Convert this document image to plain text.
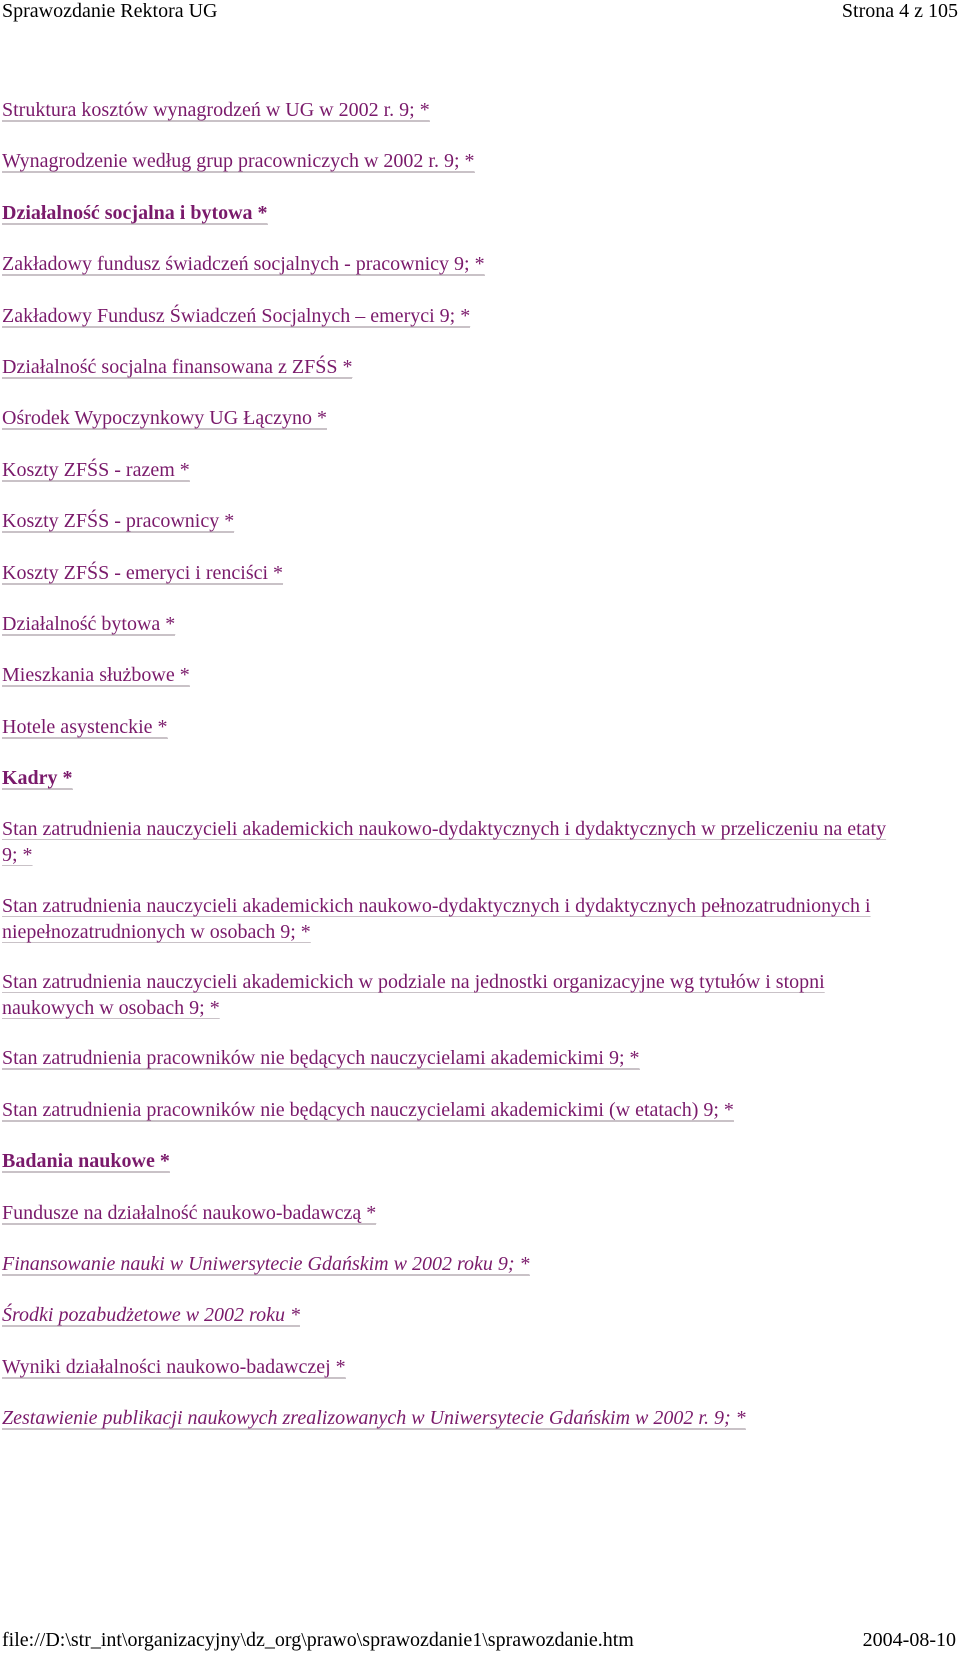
Sprawozdanie Rektora UG	Strona 4 z 105
Struktura kosztów wynagrodzeń w UG w 2002 r. 9; *
Wynagrodzenie według grup pracowniczych w 2002 r. 9; *
Działalność socjalna i bytowa *
Zakładowy fundusz świadczeń socjalnych - pracownicy 9; *
Zakładowy Fundusz Świadczeń Socjalnych – emeryci 9; *
Działalność socjalna finansowana z ZFŚS *
Ośrodek Wypoczynkowy UG Łączyno *
Koszty ZFŚS - razem *
Koszty ZFŚS - pracownicy *
Koszty ZFŚS - emeryci i renciści *
Działalność bytowa *
Mieszkania służbowe *
Hotele asystenckie *
Kadry *
Stan zatrudnienia nauczycieli akademickich naukowo-dydaktycznych i dydaktycznych w przeliczeniu na etaty 9; *
Stan zatrudnienia nauczycieli akademickich naukowo-dydaktycznych i dydaktycznych pełnozatrudnionych i niepełnozatrudnionych w osobach 9; *
Stan zatrudnienia nauczycieli akademickich w podziale na jednostki organizacyjne wg tytułów i stopni naukowych w osobach 9; *
Stan zatrudnienia pracowników nie będących nauczycielami akademickimi 9; *
Stan zatrudnienia pracowników nie będących nauczycielami akademickimi (w etatach) 9; *
Badania naukowe *
Fundusze na działalność naukowo-badawczą *
Finansowanie nauki w Uniwersytecie Gdańskim w 2002 roku 9; *
Środki pozabudżetowe w 2002 roku *
Wyniki działalności naukowo-badawczej *
Zestawienie publikacji naukowych zrealizowanych w Uniwersytecie Gdańskim w 2002 r. 9; *
file://D:\str_int\organizacyjny\dz_org\prawo\sprawozdanie1\sprawozdanie.htm	2004-08-10
